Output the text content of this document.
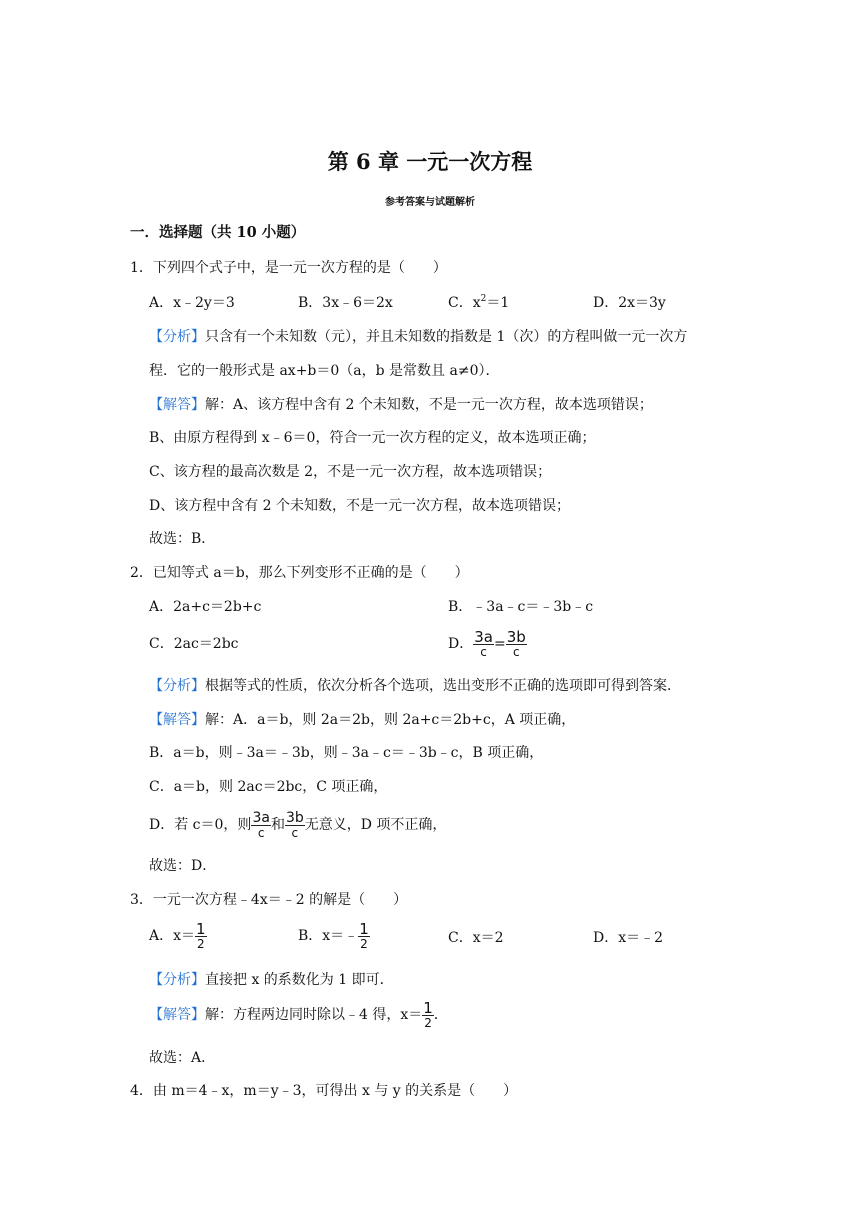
第 6 章 一元一次方程
参考答案与试题解析
一．选择题（共 10 小题）
1．下列四个式子中，是一元一次方程的是（　　）
A．x﹣2y＝3	B．3x﹣6＝2x	C．$x^2=1$	D．2x＝3y
【分析】只含有一个未知数（元），并且未知数的指数是 1（次）的方程叫做一元一次方
程．它的一般形式是 ax+b＝0（a，b 是常数且 a≠0）．
【解答】解：A、该方程中含有 2 个未知数，不是一元一次方程，故本选项错误；
B、由原方程得到 x﹣6＝0，符合一元一次方程的定义，故本选项正确；
C、该方程的最高次数是 2，不是一元一次方程，故本选项错误；
D、该方程中含有 2 个未知数，不是一元一次方程，故本选项错误；
故选：B．
2．已知等式 a＝b，那么下列变形不正确的是（　　）
A．2a+c＝2b+c	B．﹣3a﹣c＝﹣3b﹣c
C．2ac＝2bc	D． $\frac{3a}{c} = \frac{3b}{c}$
【分析】根据等式的性质，依次分析各个选项，选出变形不正确的选项即可得到答案．
【解答】解：A．a＝b，则 2a＝2b，则 2a+c＝2b+c，A 项正确，
B．a＝b，则﹣3a＝﹣3b，则﹣3a﹣c＝﹣3b﹣c，B 项正确，
C．a＝b，则 2ac＝2bc，C 项正确，
D．若 c＝0，则 $\frac{3a}{c}$ 和 $\frac{3b}{c}$ 无意义，D 项不正确，
故选：D．
3．一元一次方程﹣4x＝﹣2 的解是（　　）
A．$x= \frac{1}{2}$	B．x＝﹣ $\frac{1}{2}$	C．x＝2	D．x＝﹣2
【分析】直接把 x 的系数化为 1 即可．
【解答】解：方程两边同时除以﹣4 得，$x= \frac{1}{2}$ ．
故选：A．
4．由 m＝4﹣x，m＝y﹣3，可得出 x 与 y 的关系是（　　）
